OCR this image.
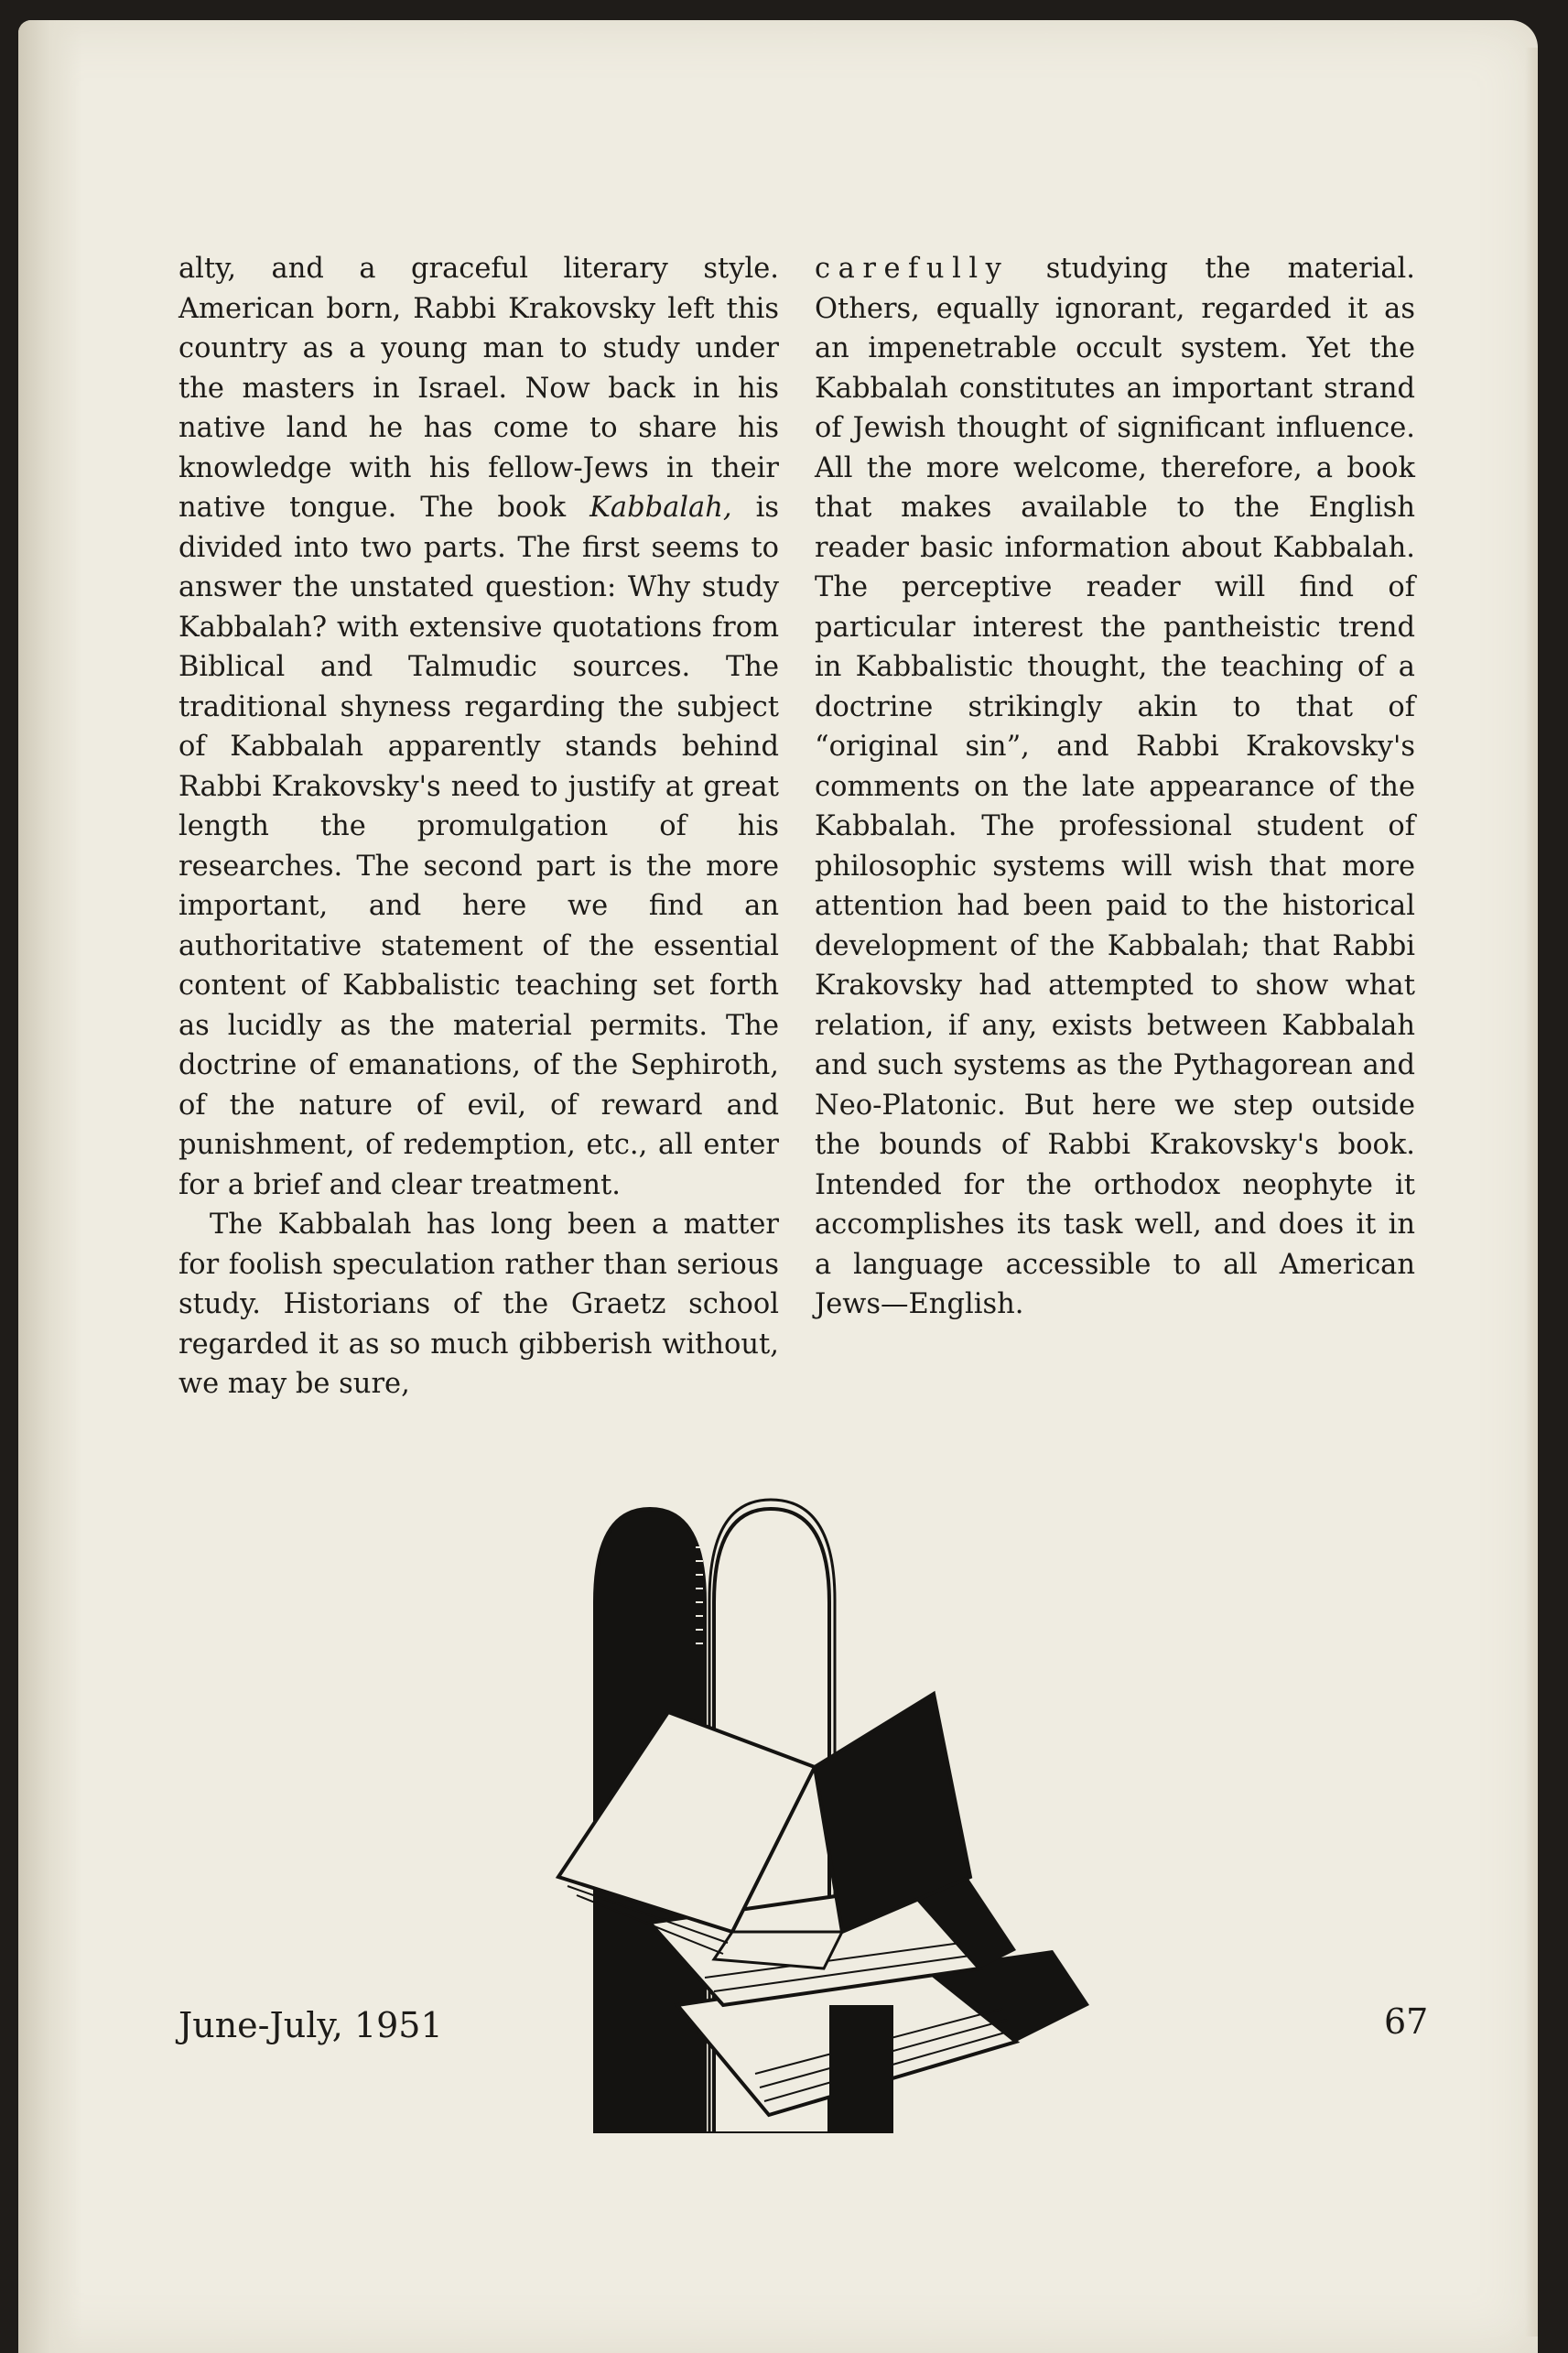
alty, and a graceful literary style. American born, Rabbi Krakovsky left this country as a young man to study under the masters in Israel. Now back in his native land he has come to share his knowledge with his fellow-Jews in their native tongue. The book Kabbalah, is divided into two parts. The first seems to answer the unstated question: Why study Kabbalah? with extensive quotations from Biblical and Talmudic sources. The traditional shyness regarding the subject of Kabbalah apparently stands behind Rabbi Krakovsky's need to justify at great length the promulgation of his researches. The second part is the more important, and here we find an authoritative statement of the essential content of Kabbalistic teaching set forth as lucidly as the material permits. The doctrine of emanations, of the Sephiroth, of the nature of evil, of reward and punishment, of redemption, etc., all enter for a brief and clear treatment.

The Kabbalah has long been a matter for foolish speculation rather than serious study. Historians of the Graetz school regarded it as so much gibberish without, we may be sure,

carefully studying the material. Others, equally ignorant, regarded it as an impenetrable occult system. Yet the Kabbalah constitutes an important strand of Jewish thought of significant influence. All the more welcome, therefore, a book that makes available to the English reader basic information about Kabbalah. The perceptive reader will find of particular interest the pantheistic trend in Kabbalistic thought, the teaching of a doctrine strikingly akin to that of “original sin”, and Rabbi Krakovsky's comments on the late appearance of the Kabbalah. The professional student of philosophic systems will wish that more attention had been paid to the historical development of the Kabbalah; that Rabbi Krakovsky had attempted to show what relation, if any, exists between Kabbalah and such systems as the Pythagorean and Neo-Platonic. But here we step outside the bounds of Rabbi Krakovsky's book. Intended for the orthodox neophyte it accomplishes its task well, and does it in a language accessible to all American Jews—English.

June-July, 1951	67
